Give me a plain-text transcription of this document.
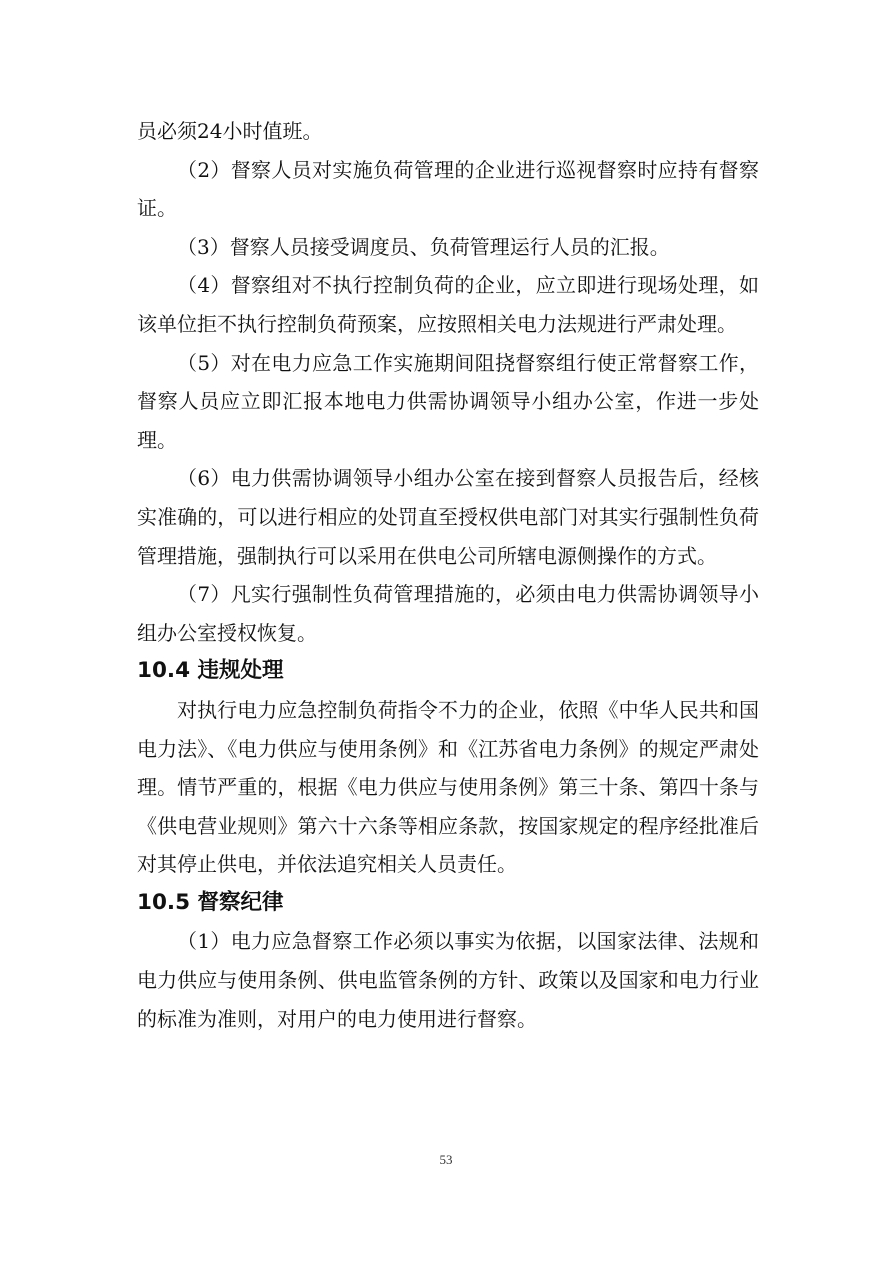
员必须24小时值班。

（2）督察人员对实施负荷管理的企业进行巡视督察时应持有督察证。

（3）督察人员接受调度员、负荷管理运行人员的汇报。

（4）督察组对不执行控制负荷的企业，应立即进行现场处理，如该单位拒不执行控制负荷预案，应按照相关电力法规进行严肃处理。

（5）对在电力应急工作实施期间阻挠督察组行使正常督察工作，督察人员应立即汇报本地电力供需协调领导小组办公室，作进一步处理。

（6）电力供需协调领导小组办公室在接到督察人员报告后，经核实准确的，可以进行相应的处罚直至授权供电部门对其实行强制性负荷管理措施，强制执行可以采用在供电公司所辖电源侧操作的方式。

（7）凡实行强制性负荷管理措施的，必须由电力供需协调领导小组办公室授权恢复。

10.4 违规处理

对执行电力应急控制负荷指令不力的企业，依照《中华人民共和国电力法》、《电力供应与使用条例》和《江苏省电力条例》的规定严肃处理。情节严重的，根据《电力供应与使用条例》第三十条、第四十条与《供电营业规则》第六十六条等相应条款，按国家规定的程序经批准后对其停止供电，并依法追究相关人员责任。

10.5 督察纪律

（1）电力应急督察工作必须以事实为依据，以国家法律、法规和电力供应与使用条例、供电监管条例的方针、政策以及国家和电力行业的标准为准则，对用户的电力使用进行督察。

53
